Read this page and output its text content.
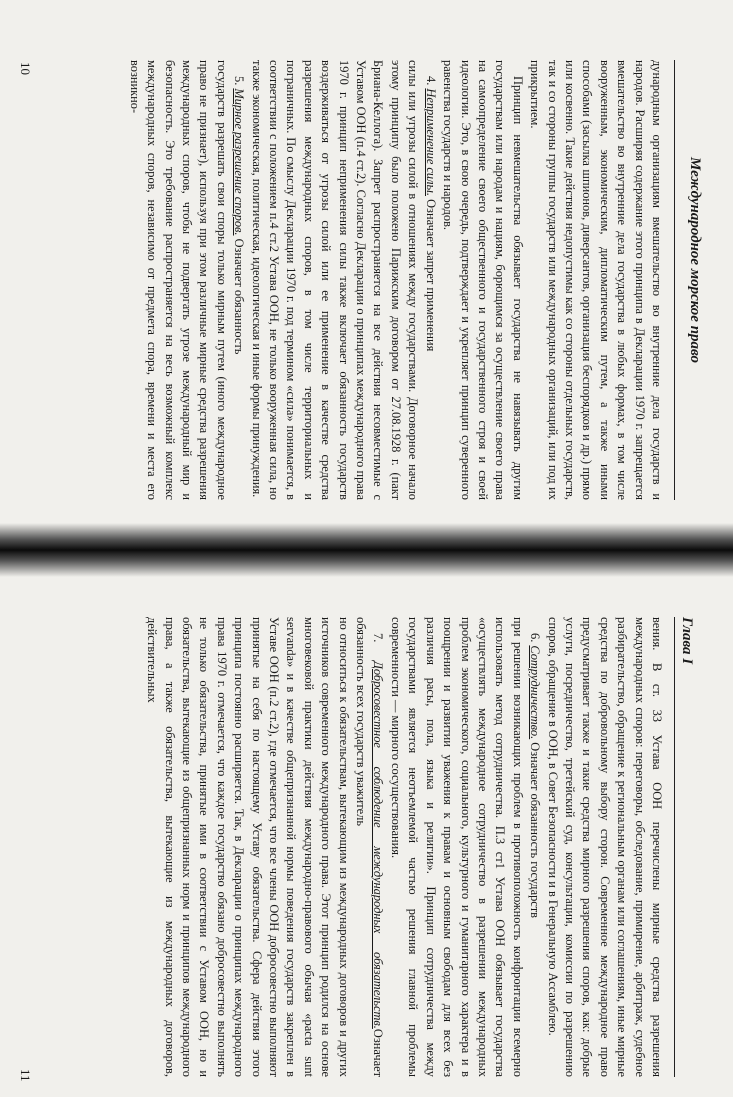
Международное морское право

дународным организациям вмешательство во внутренние дела государств и народов. Расширяя содержание этого принципа в Декларации 1970 г. запрещается вмешательство во внутренние дела государства в любых формах, в том числе вооруженным, экономическим, дипломатическим путем, а также иными способами (засылка шпионов, диверсантов, организация беспорядков и др.) прямо или косвенно. Такие действия недопустимы как со стороны отдельных государств, так и со стороны группы государств или международных организаций, или под их прикрытием.

Принцип невмешательства обязывает государства не навязывать другим государствам или народам и нациям, борющимся за осуществление своего права на самоопределение своего общественного и государственного строя и своей идеологии. Это, в свою очередь, подтверждает и укрепляет принцип суверенного равенства государств и народов.

4. Неприменение силы. Означает запрет применения

силы или угрозы силой в отношениях между государствами. Договорное начало этому принципу было положено Парижским договором от 27.08.1928 г. (пакт Бриана-Келлога). Запрет распространяется на все действия несовместимые с Уставом ООН (п.4 ст.2). Согласно Декларации о принципах международного права 1970 г. принцип неприменения силы также включает обязанность государств воздерживаться от угрозы силой или ее применение в качестве средства разрешения международных споров, в том числе территориальных и пограничных. По смыслу Декларации 1970 г. под термином «сила» понимается, в соответствии с положением п.4 ст.2 Устава ООН, не только вооруженная сила, но также экономическая, политическая, идеологическая и иные формы принуждения.

5. Мирное разрешение споров. Означает обязанность

государств разрешать свои споры только мирным путем (иного международное право не признает), используя при этом различные мирные средства разрешения международных споров, чтобы не подвергать угрозе международный мир и безопасность. Это требование распространяется на весь возможный комплекс международных споров, независимо от предмета спора, времени и места его возникно-

10
Глава I

вения. В ст. 33 Устава ООН перечислены мирные средства разрешения международных споров: переговоры, обследование, примирение, арбитраж, судебное разбирательство, обращение к региональным органам или соглашениям, иные мирные средства по добровольному выбору сторон. Современное международное право предусматривает также и такие средства мирного разрешения споров, как: добрые услуги, посредничество, третейский суд, консультации, комиссии по разрешению споров, обращение в ООН, в Совет Безопасности и в Генеральную Ассамблею.

6. Сотрудничество. Означает обязанность государств

при решении возникающих проблем в противоположность конфронтации всемерно использовать метод сотрудничества. П.3 ст1 Устава ООН обязывает государства «осуществлять международное сотрудничество в разрешении международных проблем экономического, социального, культурного и гуманитарного характера и в поощрении и развитии уважения к правам и основным свободам для всех без различия расы, пола, языка и религии». Принцип сотрудничества между государствами является неотъемлемой частью решения главной проблемы современности — мирного сосуществования.

7. Добросовестное соблюдение международных обязательств.Означает обязанность всех государств уважитель

но относиться к обязательствам, вытекающим из международных договоров и других источников современного международного права. Этот принцип родился на основе многовековой практики действия международно-правового обычая «pacta sunt servanda» и в качестве общепризнанной нормы поведения государств закреплен в Уставе ООН (п.2 ст.2), где отмечается, что все члены ООН добросовестно выполняют принятые на себя по настоящему Уставу обязательства. Сфера действия этого принципа постоянно расширяется. Так, в Декларации о принципах международного права 1970 г. отмечается, что каждое государство обязано добросовестно выполнять не только обязательства, принятые ими в соответствии с Уставом ООН, но и обязательства, вытекающие из общепризнанных норм и принципов международного права, а также обязательства, вытекающие из международных договоров, действительных

11
